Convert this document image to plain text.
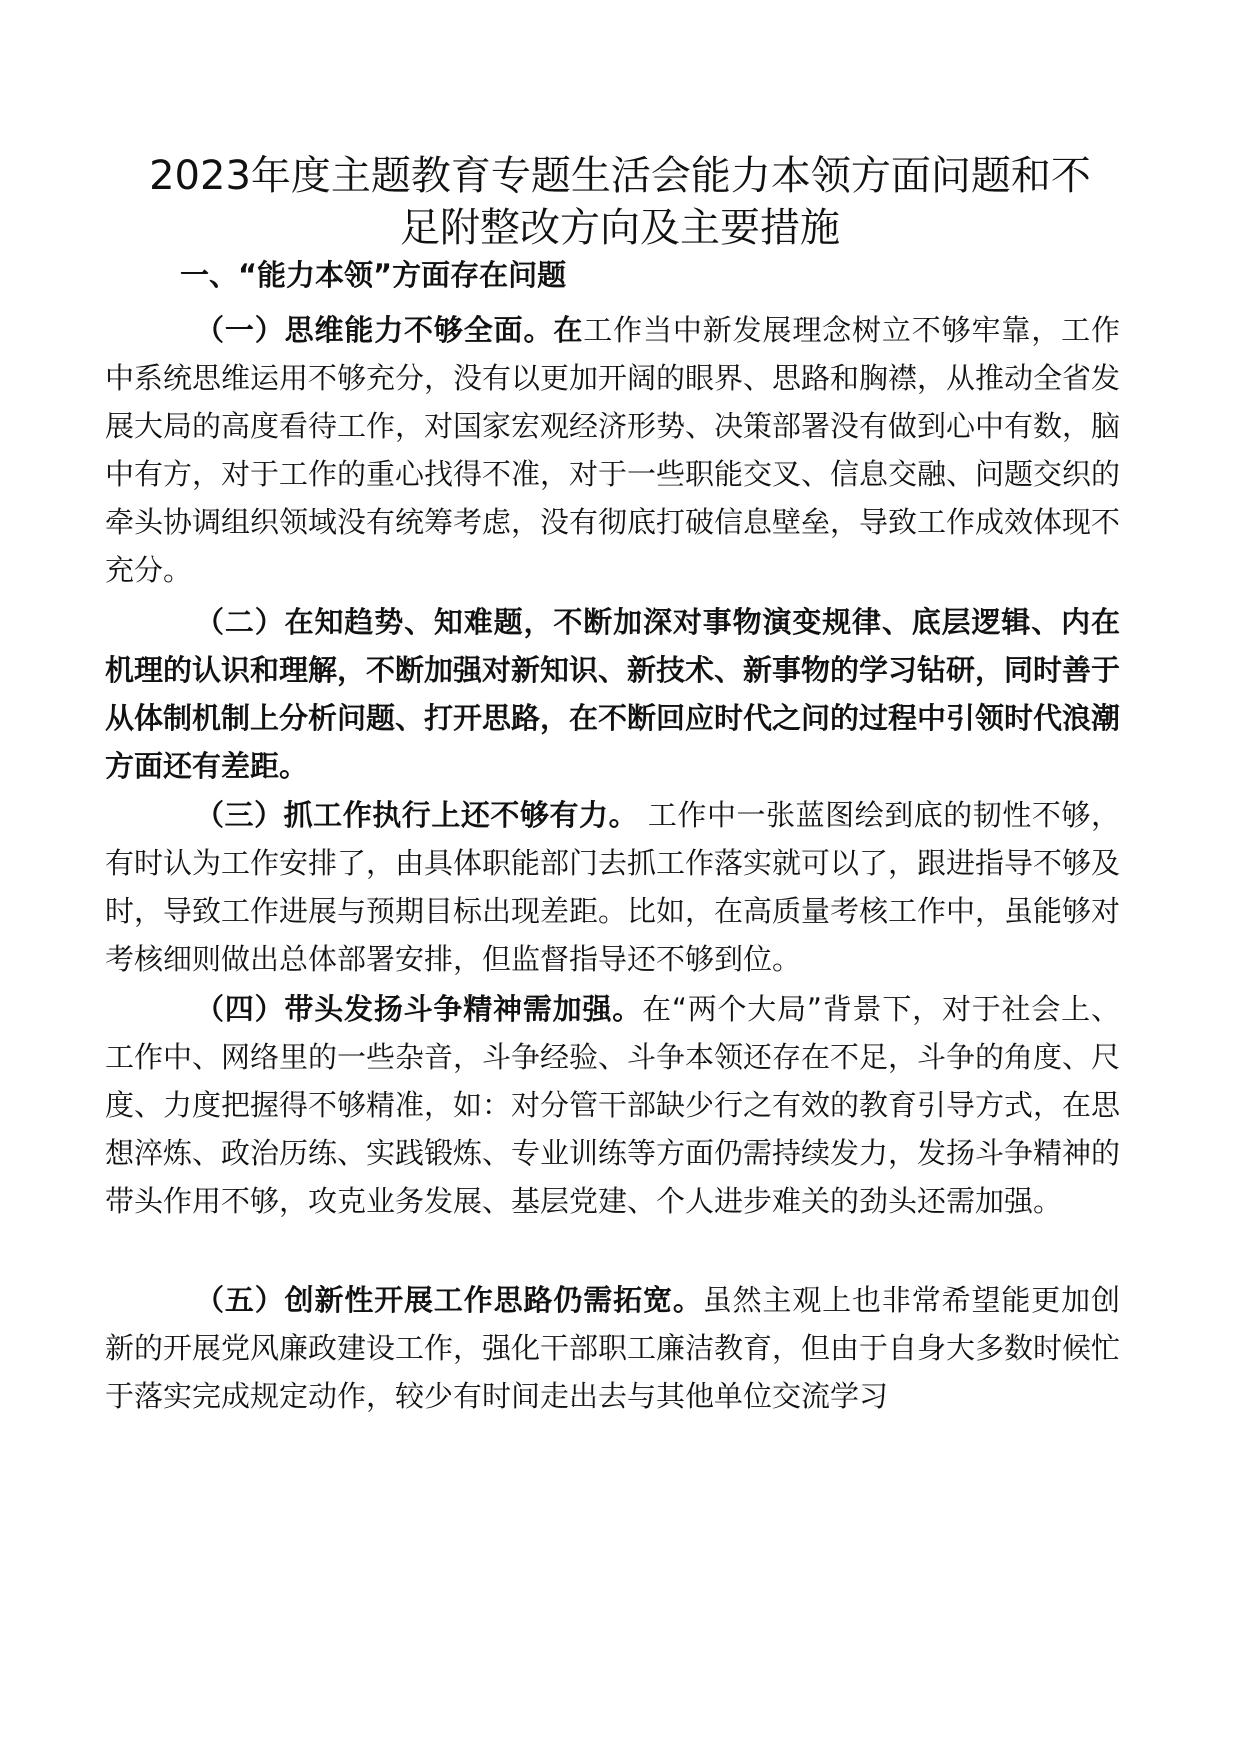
2023年度主题教育专题生活会能力本领方面问题和不
足附整改方向及主要措施
一、“能力本领”方面存在问题

（一）思维能力不够全面。在工作当中新发展理念树立不够牢靠，工作中系统思维运用不够充分，没有以更加开阔的眼界、思路和胸襟，从推动全省发展大局的高度看待工作，对国家宏观经济形势、决策部署没有做到心中有数，脑中有方，对于工作的重心找得不准，对于一些职能交叉、信息交融、问题交织的牵头协调组织领域没有统筹考虑，没有彻底打破信息壁垒，导致工作成效体现不充分。

（二）在知趋势、知难题，不断加深对事物演变规律、底层逻辑、内在机理的认识和理解，不断加强对新知识、新技术、新事物的学习钻研，同时善于从体制机制上分析问题、打开思路，在不断回应时代之问的过程中引领时代浪潮方面还有差距。

（三）抓工作执行上还不够有力。 工作中一张蓝图绘到底的韧性不够，有时认为工作安排了，由具体职能部门去抓工作落实就可以了，跟进指导不够及时，导致工作进展与预期目标出现差距。比如，在高质量考核工作中，虽能够对考核细则做出总体部署安排，但监督指导还不够到位。

（四）带头发扬斗争精神需加强。在“两个大局”背景下，对于社会上、工作中、网络里的一些杂音，斗争经验、斗争本领还存在不足，斗争的角度、尺度、力度把握得不够精准，如：对分管干部缺少行之有效的教育引导方式，在思想淬炼、政治历练、实践锻炼、专业训练等方面仍需持续发力，发扬斗争精神的带头作用不够，攻克业务发展、基层党建、个人进步难关的劲头还需加强。

（五）创新性开展工作思路仍需拓宽。虽然主观上也非常希望能更加创新的开展党风廉政建设工作，强化干部职工廉洁教育，但由于自身大多数时候忙于落实完成规定动作，较少有时间走出去与其他单位交流学习
